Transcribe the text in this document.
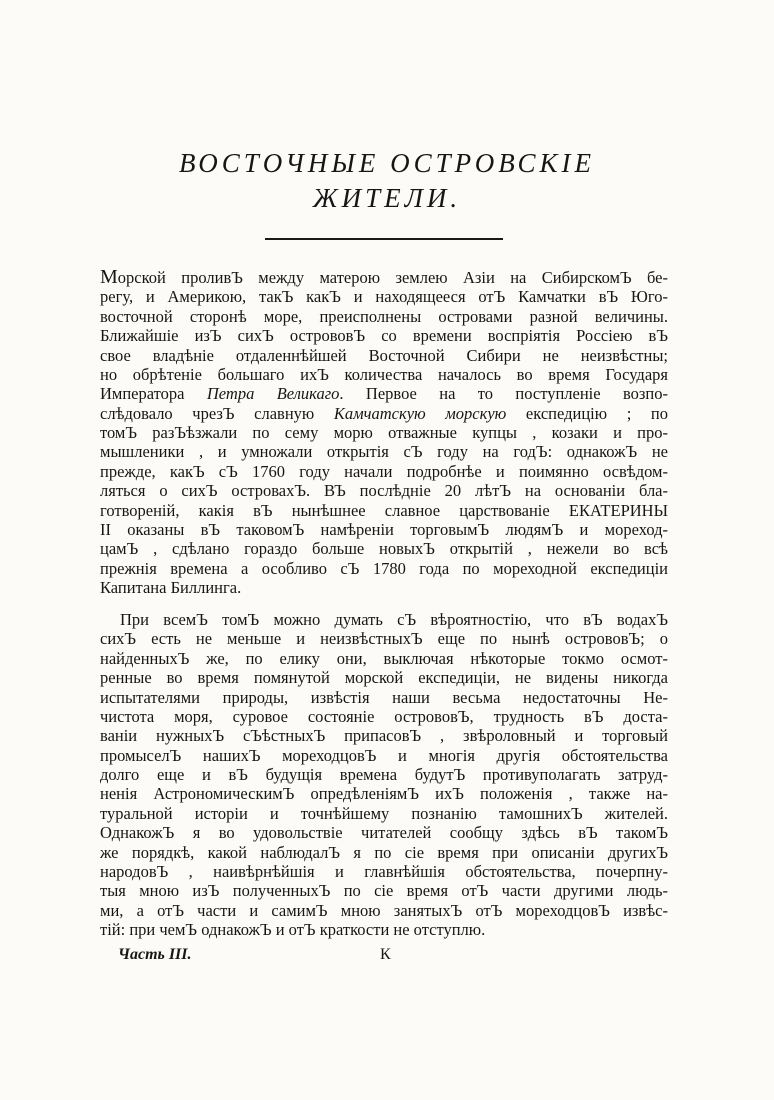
ВОСТОЧНЫЕ ОСТРОВСКІЕ
ЖИТЕЛИ.
Морской проливЪ между матерою землею Азіи на СибирскомЪ бе-
регу, и Америкою, такЪ какЪ и находящееся отЪ Камчатки вЪ Юго-
восточной сторонѣ море, преисполнены островами разной величины.
Ближайшіе изЪ сихЪ острововЪ со времени воспріятія Россіею вЪ
свое владѣніе отдаленнѣйшей Восточной Сибири не неизвѣстны;
но обрѣтеніе большаго ихЪ количества началось во время Государя
Императора Петра Великаго. Первое на то поступленіе возпо-
слѣдовало чрезЪ славную Камчатскую морскую експедицію ; по
томЪ разЪѣзжали по сему морю отважные купцы , козаки и про-
мышленики , и умножали открытія сЪ году на годЪ: однакожЪ не
прежде, какЪ сЪ 1760 году начали подробнѣе и поимянно освѣдом-
ляться о сихЪ островахЪ. ВЪ послѣдніе 20 лѣтЪ на основаніи бла-
готвореній, какія вЪ нынѣшнее славное царствованіе ЕКАТЕРИНЫ
II оказаны вЪ таковомЪ намѣреніи торговымЪ людямЪ и мореход-
цамЪ , сдѣлано гораздо больше новыхЪ открытій , нежели во всѣ
прежнія времена а особливо сЪ 1780 года по мореходной експедиціи
Капитана Биллинга.
При всемЪ томЪ можно думать сЪ вѣроятностію, что вЪ водахЪ
сихЪ есть не меньше и неизвѣстныхЪ еще по нынѣ острововЪ; о
найденныхЪ же, по елику они, выключая нѣкоторые токмо осмот-
ренные во время помянутой морской експедиціи, не видены никогда
испытателями природы, извѣстія наши весьма недостаточны Не-
чистота моря, суровое состояніе острововЪ, трудность вЪ доста-
ваніи нужныхЪ сЪѣстныхЪ припасовЪ , звѣроловный и торговый
промыселЪ нашихЪ мореходцовЪ и многія другія обстоятельства
долго еще и вЪ будущія времена будутЪ противуполагать затруд-
ненія АстрономическимЪ опредѣленіямЪ ихЪ положенія , также на-
туральной исторіи и точнѣйшему познанію тамошнихЪ жителей.
ОднакожЪ я во удовольствіе читателей сообщу здѣсь вЪ такомЪ
же порядкѣ, какой наблюдалЪ я по сіе время при описаніи другихЪ
народовЪ , наивѣрнѣйшія и главнѣйшія обстоятельства, почерпну-
тыя мною изЪ полученныхЪ по сіе время отЪ части другими людь-
ми, а отЪ части и самимЪ мною занятыхЪ отЪ мореходцовЪ извѣс-
тій: при чемЪ однакожЪ и отЪ краткости не отступлю.
Часть III.	К
